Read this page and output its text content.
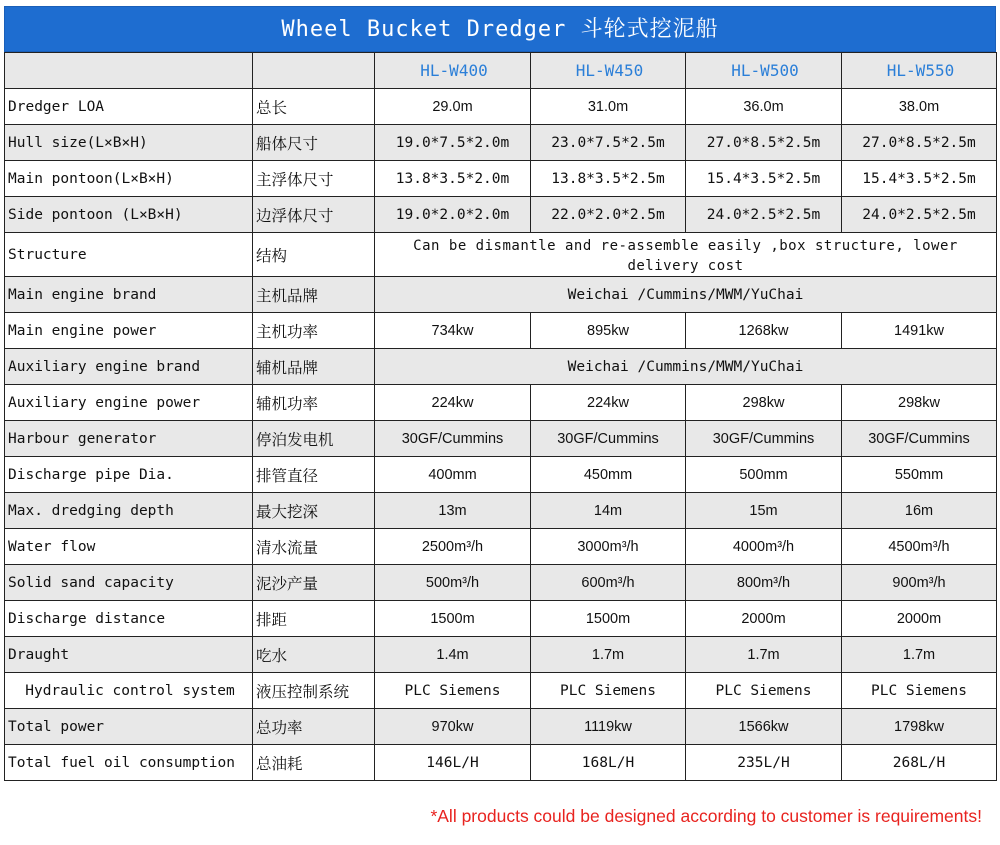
Wheel Bucket Dredger 斗轮式挖泥船
		HL-W400	HL-W450	HL-W500	HL-W550
Dredger LOA	总长	29.0m	31.0m	36.0m	38.0m
Hull size(L×B×H)	船体尺寸	19.0*7.5*2.0m	23.0*7.5*2.5m	27.0*8.5*2.5m	27.0*8.5*2.5m
Main pontoon(L×B×H)	主浮体尺寸	13.8*3.5*2.0m	13.8*3.5*2.5m	15.4*3.5*2.5m	15.4*3.5*2.5m
Side pontoon (L×B×H)	边浮体尺寸	19.0*2.0*2.0m	22.0*2.0*2.5m	24.0*2.5*2.5m	24.0*2.5*2.5m
Structure	结构	Can be dismantle and re-assemble easily ,box structure, lower delivery cost			
Main engine brand	主机品牌	Weichai /Cummins/MWM/YuChai			
Main engine power	主机功率	734kw	895kw	1268kw	1491kw
Auxiliary engine brand	辅机品牌	Weichai /Cummins/MWM/YuChai			
Auxiliary engine power	辅机功率	224kw	224kw	298kw	298kw
Harbour generator	停泊发电机	30GF/Cummins	30GF/Cummins	30GF/Cummins	30GF/Cummins
Discharge pipe Dia.	排管直径	400mm	450mm	500mm	550mm
Max. dredging depth	最大挖深	13m	14m	15m	16m
Water flow	清水流量	2500m³/h	3000m³/h	4000m³/h	4500m³/h
Solid sand capacity	泥沙产量	500m³/h	600m³/h	800m³/h	900m³/h
Discharge distance	排距	1500m	1500m	2000m	2000m
Draught	吃水	1.4m	1.7m	1.7m	1.7m
Hydraulic control system	液压控制系统	PLC Siemens	PLC Siemens	PLC Siemens	PLC Siemens
Total power	总功率	970kw	1119kw	1566kw	1798kw
Total fuel oil consumption	总油耗	146L/H	168L/H	235L/H	268L/H
*All products could be designed according to customer is requirements!
